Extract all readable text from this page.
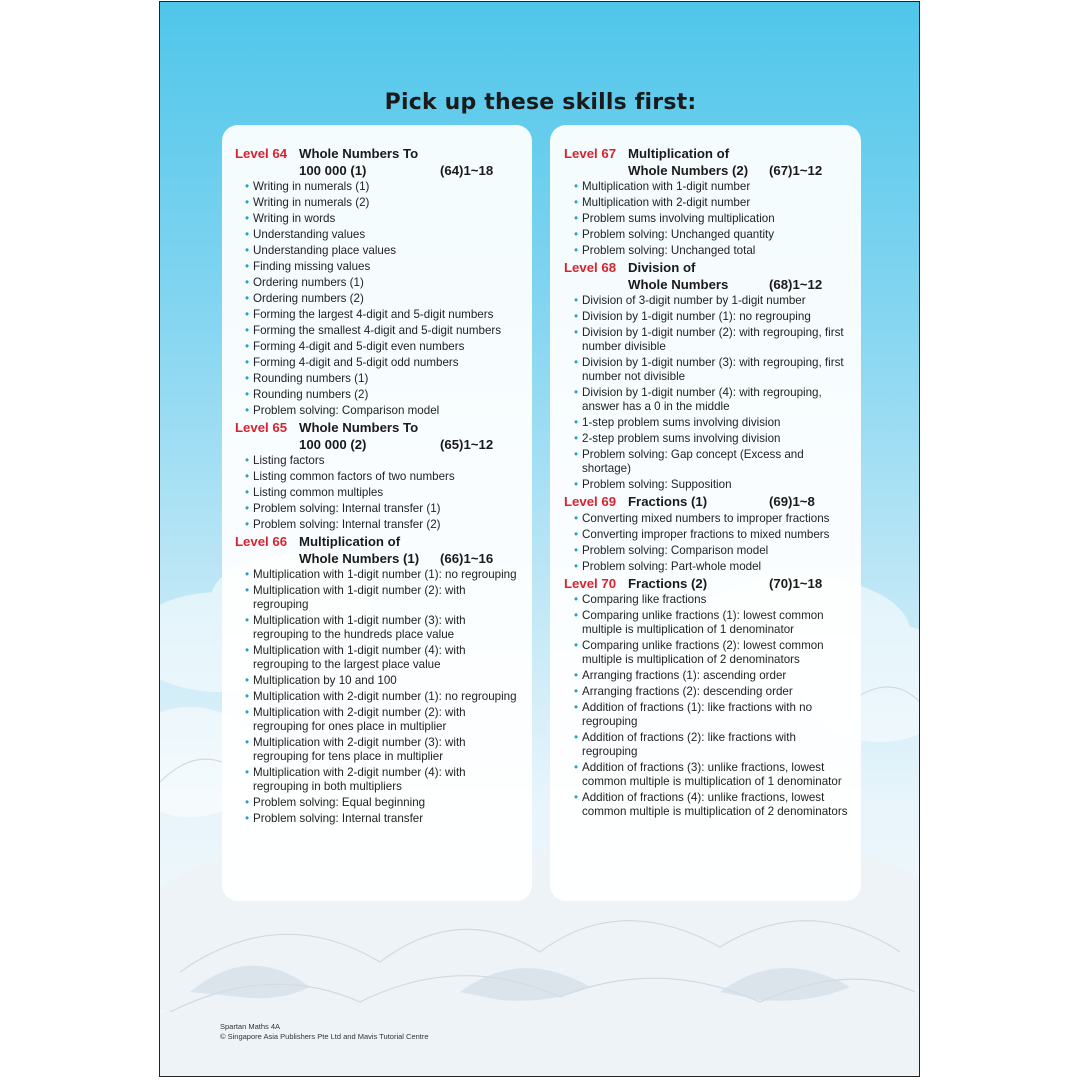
Pick up these skills first:
Level 64 Whole Numbers To
100 000 (1)	(64)1~18
• Writing in numerals (1)
• Writing in numerals (2)
• Writing in words
• Understanding values
• Understanding place values
• Finding missing values
• Ordering numbers (1)
• Ordering numbers (2)
• Forming the largest 4-digit and 5-digit numbers
• Forming the smallest 4-digit and 5-digit numbers
• Forming 4-digit and 5-digit even numbers
• Forming 4-digit and 5-digit odd numbers
• Rounding numbers (1)
• Rounding numbers (2)
• Problem solving: Comparison model
Level 65 Whole Numbers To
100 000 (2)	(65)1~12
• Listing factors
• Listing common factors of two numbers
• Listing common multiples
• Problem solving: Internal transfer (1)
• Problem solving: Internal transfer (2)
Level 66 Multiplication of
Whole Numbers (1)	(66)1~16
• Multiplication with 1-digit number (1): no regrouping
• Multiplication with 1-digit number (2): with regrouping
• Multiplication with 1-digit number (3): with regrouping to the hundreds place value
• Multiplication with 1-digit number (4): with regrouping to the largest place value
• Multiplication by 10 and 100
• Multiplication with 2-digit number (1): no regrouping
• Multiplication with 2-digit number (2): with regrouping for ones place in multiplier
• Multiplication with 2-digit number (3): with regrouping for tens place in multiplier
• Multiplication with 2-digit number (4): with regrouping in both multipliers
• Problem solving: Equal beginning
• Problem solving: Internal transfer
Level 67 Multiplication of
Whole Numbers (2)	(67)1~12
• Multiplication with 1-digit number
• Multiplication with 2-digit number
• Problem sums involving multiplication
• Problem solving: Unchanged quantity
• Problem solving: Unchanged total
Level 68 Division of
Whole Numbers	(68)1~12
• Division of 3-digit number by 1-digit number
• Division by 1-digit number (1): no regrouping
• Division by 1-digit number (2): with regrouping, first number divisible
• Division by 1-digit number (3): with regrouping, first number not divisible
• Division by 1-digit number (4): with regrouping, answer has a 0 in the middle
• 1-step problem sums involving division
• 2-step problem sums involving division
• Problem solving: Gap concept (Excess and shortage)
• Problem solving: Supposition
Level 69 Fractions (1)	(69)1~8
• Converting mixed numbers to improper fractions
• Converting improper fractions to mixed numbers
• Problem solving: Comparison model
• Problem solving: Part-whole model
Level 70 Fractions (2)	(70)1~18
• Comparing like fractions
• Comparing unlike fractions (1): lowest common multiple is multiplication of 1 denominator
• Comparing unlike fractions (2): lowest common multiple is multiplication of 2 denominators
• Arranging fractions (1): ascending order
• Arranging fractions (2): descending order
• Addition of fractions (1): like fractions with no regrouping
• Addition of fractions (2): like fractions with regrouping
• Addition of fractions (3): unlike fractions, lowest common multiple is multiplication of 1 denominator
• Addition of fractions (4): unlike fractions, lowest common multiple is multiplication of 2 denominators
Spartan Maths 4A
© Singapore Asia Publishers Pte Ltd and Mavis Tutorial Centre
